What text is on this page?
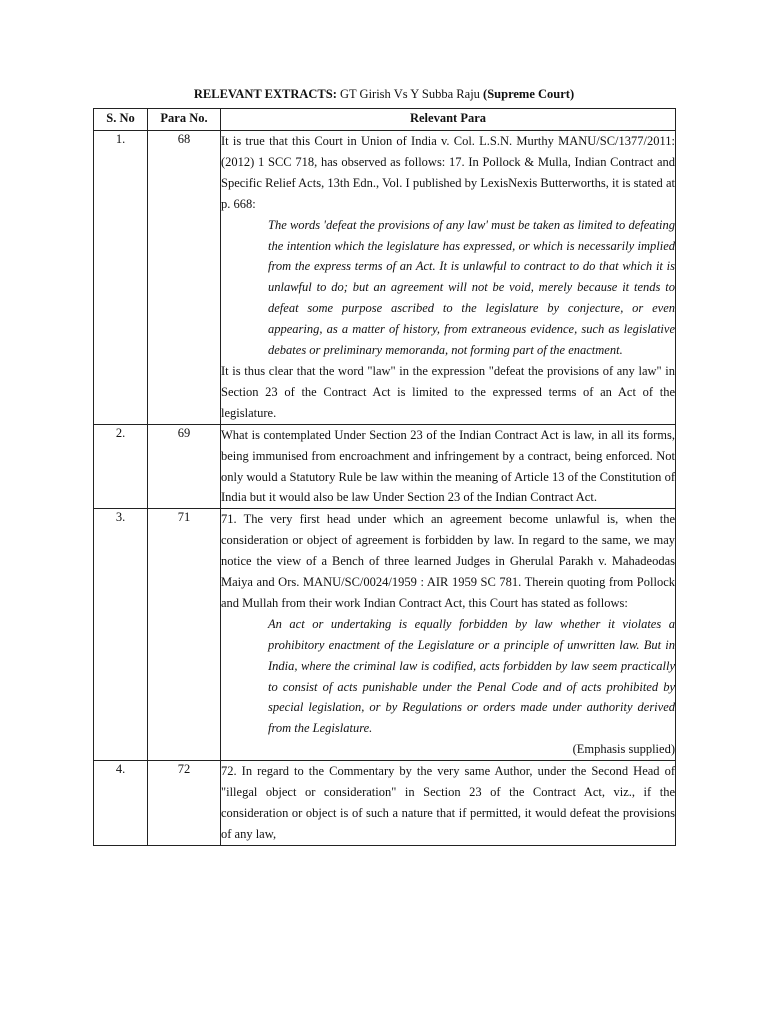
RELEVANT EXTRACTS: GT Girish Vs Y Subba Raju (Supreme Court)
S. No	Para No.	Relevant Para
1.	68	It is true that this Court in Union of India v. Col. L.S.N. Murthy MANU/SC/1377/2011: (2012) 1 SCC 718, has observed as follows: 17. In Pollock & Mulla, Indian Contract and Specific Relief Acts, 13th Edn., Vol. I published by LexisNexis Butterworths, it is stated at p. 668:

The words 'defeat the provisions of any law' must be taken as limited to defeating the intention which the legislature has expressed, or which is necessarily implied from the express terms of an Act. It is unlawful to contract to do that which it is unlawful to do; but an agreement will not be void, merely because it tends to defeat some purpose ascribed to the legislature by conjecture, or even appearing, as a matter of history, from extraneous evidence, such as legislative debates or preliminary memoranda, not forming part of the enactment.

It is thus clear that the word "law" in the expression "defeat the provisions of any law" in Section 23 of the Contract Act is limited to the expressed terms of an Act of the legislature.

2.	69	What is contemplated Under Section 23 of the Indian Contract Act is law, in all its forms, being immunised from encroachment and infringement by a contract, being enforced. Not only would a Statutory Rule be law within the meaning of Article 13 of the Constitution of India but it would also be law Under Section 23 of the Indian Contract Act.

3.	71	71. The very first head under which an agreement become unlawful is, when the consideration or object of agreement is forbidden by law. In regard to the same, we may notice the view of a Bench of three learned Judges in Gherulal Parakh v. Mahadeodas Maiya and Ors. MANU/SC/0024/1959 : AIR 1959 SC 781. Therein quoting from Pollock and Mullah from their work Indian Contract Act, this Court has stated as follows:

An act or undertaking is equally forbidden by law whether it violates a prohibitory enactment of the Legislature or a principle of unwritten law. But in India, where the criminal law is codified, acts forbidden by law seem practically to consist of acts punishable under the Penal Code and of acts prohibited by special legislation, or by Regulations or orders made under authority derived from the Legislature.

(Emphasis supplied)

4.	72	72. In regard to the Commentary by the very same Author, under the Second Head of "illegal object or consideration" in Section 23 of the Contract Act, viz., if the consideration or object is of such a nature that if permitted, it would defeat the provisions of any law,
